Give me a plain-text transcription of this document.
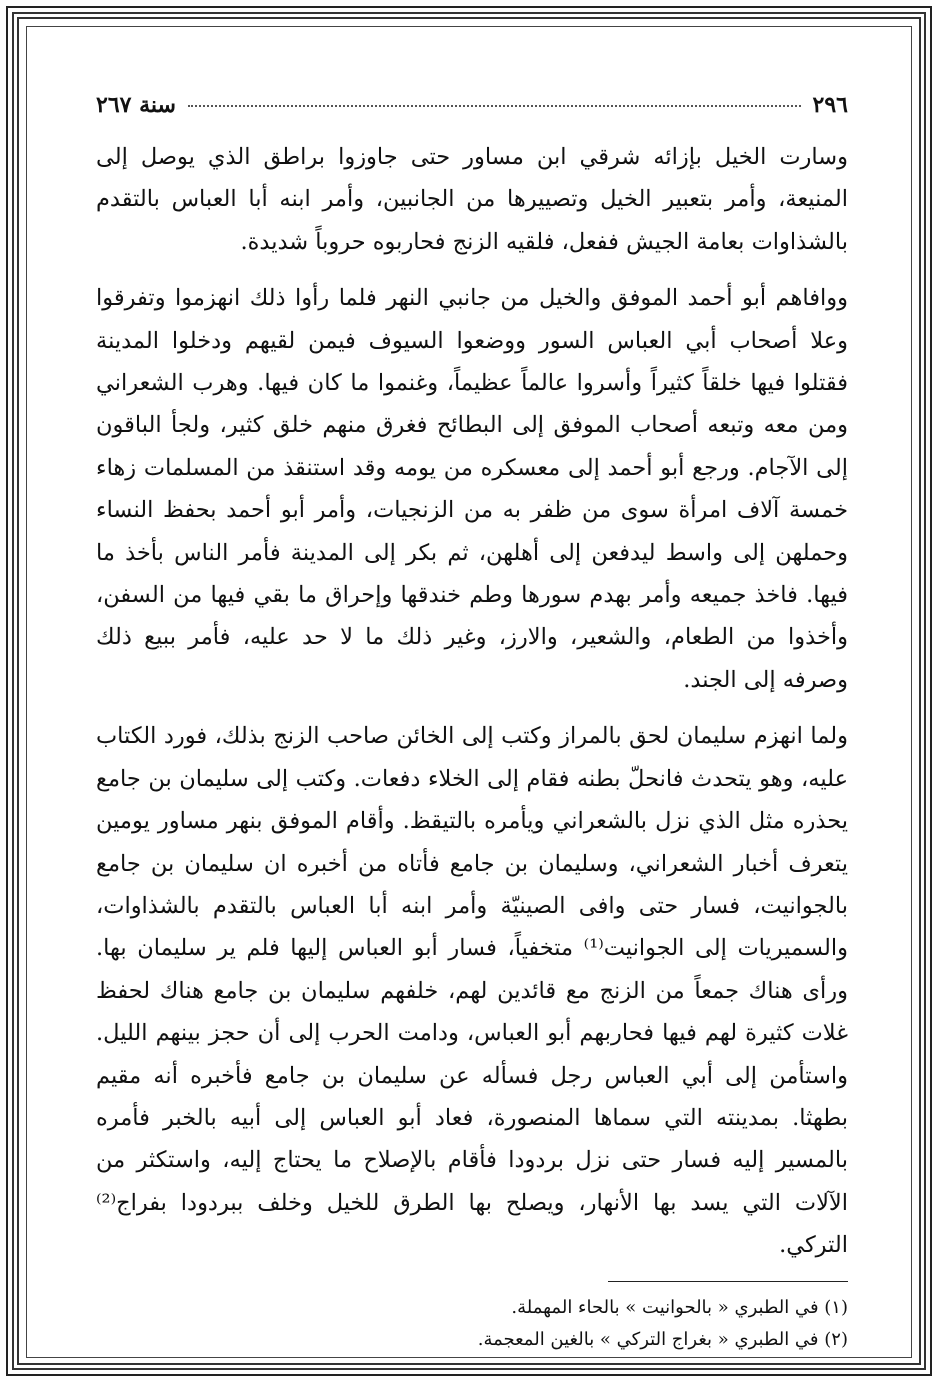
٢٩٦
سنة ٢٦٧

وسارت الخيل بإزائه شرقي ابن مساور حتى جاوزوا براطق الذي يوصل إلى المنيعة، وأمر بتعبير الخيل وتصييرها من الجانبين، وأمر ابنه أبا العباس بالتقدم بالشذاوات بعامة الجيش ففعل، فلقيه الزنج فحاربوه حروباً شديدة.

ووافاهم أبو أحمد الموفق والخيل من جانبي النهر فلما رأوا ذلك انهزموا وتفرقوا وعلا أصحاب أبي العباس السور ووضعوا السيوف فيمن لقيهم ودخلوا المدينة فقتلوا فيها خلقاً كثيراً وأسروا عالماً عظيماً، وغنموا ما كان فيها. وهرب الشعراني ومن معه وتبعه أصحاب الموفق إلى البطائح فغرق منهم خلق كثير، ولجأ الباقون إلى الآجام. ورجع أبو أحمد إلى معسكره من يومه وقد استنقذ من المسلمات زهاء خمسة آلاف امرأة سوى من ظفر به من الزنجيات، وأمر أبو أحمد بحفظ النساء وحملهن إلى واسط ليدفعن إلى أهلهن، ثم بكر إلى المدينة فأمر الناس بأخذ ما فيها. فاخذ جميعه وأمر بهدم سورها وطم خندقها وإحراق ما بقي فيها من السفن، وأخذوا من الطعام، والشعير، والارز، وغير ذلك ما لا حد عليه، فأمر ببيع ذلك وصرفه إلى الجند.

ولما انهزم سليمان لحق بالمراز وكتب إلى الخائن صاحب الزنج بذلك، فورد الكتاب عليه، وهو يتحدث فانحلّ بطنه فقام إلى الخلاء دفعات. وكتب إلى سليمان بن جامع يحذره مثل الذي نزل بالشعراني ويأمره بالتيقظ. وأقام الموفق بنهر مساور يومين يتعرف أخبار الشعراني، وسليمان بن جامع فأتاه من أخبره ان سليمان بن جامع بالجوانيت، فسار حتى وافى الصينيّة وأمر ابنه أبا العباس بالتقدم بالشذاوات، والسميريات إلى الجوانيت⁽¹⁾ متخفياً، فسار أبو العباس إليها فلم ير سليمان بها. ورأى هناك جمعاً من الزنج مع قائدين لهم، خلفهم سليمان بن جامع هناك لحفظ غلات كثيرة لهم فيها فحاربهم أبو العباس، ودامت الحرب إلى أن حجز بينهم الليل. واستأمن إلى أبي العباس رجل فسأله عن سليمان بن جامع فأخبره أنه مقيم بطهثا. بمدينته التي سماها المنصورة، فعاد أبو العباس إلى أبيه بالخبر فأمره بالمسير إليه فسار حتى نزل بردودا فأقام بالإصلاح ما يحتاج إليه، واستكثر من الآلات التي يسد بها الأنهار، ويصلح بها الطرق للخيل وخلف ببردودا بفراج⁽²⁾ التركي.

(١) في الطبري « بالحوانيت » بالحاء المهملة.

(٢) في الطبري « بغراج التركي » بالغين المعجمة.
